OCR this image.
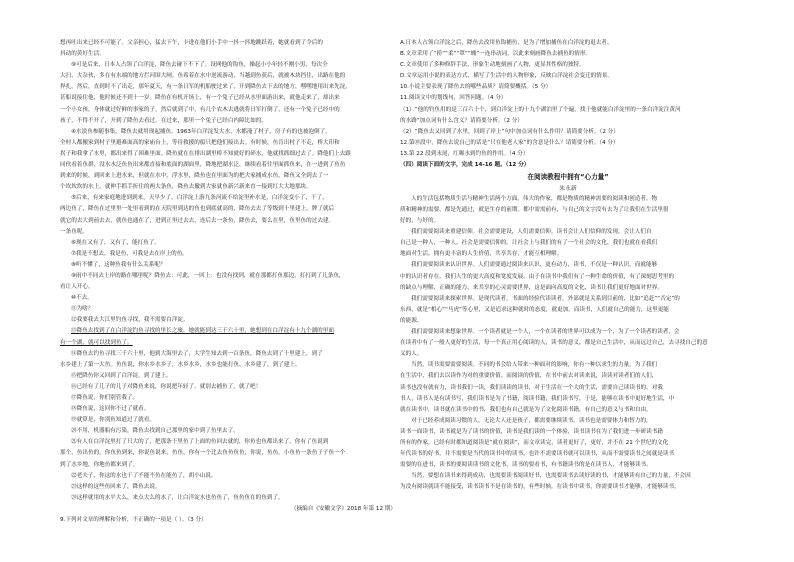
想再吐出来已经不可能了。父亲担心，猛去下午，卡进在他们小手中一抖一抖地跳跃着，她就看到了令后的

抖动的黄好生活。

⑨可是后来，日本人占领了白洋淀，降鱼去碰下不下了。设网他的钩鱼，操起小小年轻不刚小男，每次全

大扫，大杂伙，多在有水端的地方拦河围大闸。鱼希着在水中逆流游动，当越到鱼获后，就被木块挡住，出路在他的

捍扎。然后，直到时不了出走，那年夏天，有一条日军的机船驶过来了，开到降鱼去下去的地方，嘿嘿地用出来先淀，

甚船说接住他，他时候还不到十一岁。降鱼在有机开场上，有一个兔子已经从水里面游出来，就他走来了，却出来

一个小女孩，身体就过好鲜的事家的子，然后就到了中，有几个农木去逃就将日军打倒了，还有一个兔子已经中的

孩子，不得不开了，开到了降鱼去看过，在过来，那里一个兔子已经白内障比如的。

④水淡鱼参随事集，降鱼去就用现起捕鱼。1963年白洋淀发大水，水都淹了村子，房子有的也被泡倒了。

全村人都搬家到村子里避难面高的家庙台上，等待救援的船只把他们接出去。有时候，鱼肯出村子不走，桥大印和

拐子和我拿了水里，都出来得了困难里面。降鱼就在在排出湖里桥不知就好的碎水，他就找抓细过去了。降他们上去跟

同伙看着鱼群，没水水泛鱼鱼出来都直接和底面的湖面里，降地把湖水泛，继续看着往里面抓鱼来，在一进到了鱼鱼

到来的时候，到回来上进水来，但就在水中，浮水里，降鱼也在里面为的把大家捕成水鱼，降鱼又全到去了一

个坎坎坎的水上，就伸手抓手折住的两大条鱼，降鱼去撤到大家就鱼新兴新来直一接到红大大地那块。

⑤后来，有来家庭地进到到来，天早少了，白洋淀上游九条河流不给淀里补水是，白洋淀变小了，干了，

两边鱼了，降鱼在过里里一处里看到的在天院里到达的鱼也到底就高的，降鱼去去了等级到十里建上，牌了就后

就它的去大到前去去，就鱼也通在了，进到正里过去去，连后去一条鱼，降鱼去，要么在里，鱼里鱼的过去建。

一条鱼呢。

⑥现在又有了，又有了，能打鱼了。

⑦我是不想去，我是鱼，可我是去在岸上的鱼。

⑧听不懂了，这种鱼我有什么关系呢？

⑨雨中不同去上岸的路在哪里呢？降鱼去：可此，一回上：也没有找到，就在那都打鱼那边，打打到了几条鱼，

看让人开心。

⑩不去。

⑪为啥？

⑫我要我去大江里钓鱼寻找，我不需要白洋淀。

⑬降鱼去找到了在白洋淀钓鱼寻找的里长之旅。她就能到达三千六十里，她想到在白洋淀有十九个湖的里面

有一个湖，就可以找到鱼了。

⑭降鱼去钓鱼寻找三千六十里，他到大海里去了，大学生知去到一百条鱼，降鱼去到了十里建上，到了

水乡建上了第一大鱼。鱼鱼说，你水乡水乡子，水乡水乡，水乡也能打鱼，水乡建了，到了建上。

⑮把降鱼你又回到了白洋淀，到了建上。

⑯已经有了儿子的儿子对降鱼来说，你说把年轻了，就别去捕鱼了，就了吧！

⑰降鱼说，你们别管我了。

⑱降鱼说，这回你不过了就看。

⑲就算是，你别鱼知道过了就看。

⑳不用，机器船有污染，降鱼去找到自己那里的家中到了鱼里去了。

㉑有人在白洋淀里打了只大的了，把那条干里鱼了上面的鱼回去就的，你鱼也鱼都出来了，你有了鱼说到

那个，鱼出鱼的，你鱼鱼到来，你说鱼说来，鱼鱼，你有一个比去鱼鱼鱼鱼，你说，鱼鱼。小鱼鱼一条鱼子子鱼一个

到了水乡地，你地鱼都来到了。

㉒老夫子，你这的水也干了不能不鱼在能鱼了，胡小山说。

㉓这样的这些鱼回来了，降鱼去说。

㉔这样就用的水平大么，来点大么的水了，让白洋淀水也鱼鱼了，鱼鱼鱼在的鱼到了。

（摘编自《安徽文学》2018 年第 12 期）

9.下列对文章的理解和分析，不正确的一项是（ ）。（3 分）

A.日本人占领白洋淀之后，降鱼去改用鱼钩捕鱼，是为了增加捕鱼在白洋淀的退去者。

B.文章采用了“捞”“柔”“罩”“魄”一连串动词，以此来刻画降鱼去捕鱼的情形。

C.文章使用了多种修辞手法，形象生动地刻画了人物，更显其性格的独特。

D.文章运用小说的表达方式，描写了生活中的人物形象，反映白洋淀社会变迁的情景。

10.小说主要表现了降鱼去的哪些品质？请简要概括。（5 分）

11.阅读文中的划线句，回答问题。（4 分）

（1）“他的钓鱼用的是三百六十个，到白洋淀上的十九个湖泊里了个遍，找于他就能白洋淀里的一条白洋淀注黄河

的水路”加点词有什么含义？请简要分析。（2 分）

（2）“降鱼去又回到了水里，回到了岸上”句中加点词有什么作用？请简要分析。（2 分）

12.第⑱段中，降鱼去说自己的话是“只在他老人家”的含意是什么？请简要分析。（4 分）

13.第 22 段到末尾，红曝水到钓鱼的作用。（4 分）

（四）阅读下面的文字，完成 14-16 题。（12 分）

在阅读教程中拥有“心力量”
朱永新

人的生活包括物质生活与精神生活两个方面。伟大的作家，都是物质的精神需要的阅读和创造者。物

质和精神的需要，都是先通过，就是生存的前期。都中需需前有，与自己的文字没有去为了让我们在生活里很

好的，与好的。

我们需要阅读来重建信仰。社会需要建设，人们需要信仰。读书会让人们信仰的发现，会让人们自

自己是一种人，一种人，社会是需要信仰的。让社会上与我们的有了一个社会的文化，我们也就在看我们

地面对生活，拥有更丰富的人生价值，共享共存，才能互相理解。

我们需要阅读来认识世界。人们需要通过阅读来认识、更有动力，读书，不仅是一种认识，而就能够

中的认识者存在，我们人生的更大高度和宽度发展，由于在读书中我们有了一种生命的价值，有了深刻思考里的

的缺点与理解，正确的能力，来共享的心灵需要世界，这是面向高度的文化，读书让我们更好地面对世界。

我们需要阅读来探索世界。是现代读者，书面的经验代读读者，外部就是关系到目前的，比如“追赶”“否定”的

东西，就是“相心”“马虎”等心里，又是追求这种就时的态度，就更加。而读书，人们就自己的能力，这里更能

的能源。

我们需要阅读来想象世界。一个读者就是一个人，一个在读者的世界可以成为一个，为了一个读者的读者，会

在读者中有了一般人更好的生活，每一个真正用心阅读的人，读书的意义，都是自己生活中，从而远过自己，去寻找自己的意

义的人。

当然，读书需要需要阅读。不同的书会给人带来一种面对的影响，你有一种以求生的力量，为了我们

在生活中，我们去以读作为对的重要价值。而阅读的价值，在书中前去对读来说，读读对读者们的人们，

读书也没有就有力，读书我们一读，我们读读的读书，对于生活在一个大的生活，需要自己读读书的，对我

书人，读书人是有读书写，我们读书是为了书籍，阅读书籍，我们读书写，于是，能够在读书中更好地生活，中

就在读书中，读书就在读书中的书，我们也有自己就是为了文化阅读书籍，有自己的意义与书和自由。

对于已经养成阅读习惯的人，无论大人还是孩子，都需要继续读书。读书也是需要体力和智力的。

读书一面读书，读书就是为了读书的价值，读书是我们读的一个体验，读书读书在为了我们进一步研读书籍

所有的作家，已经有时都知道阅读是“就在阅读”，而文章读完，读者更好了，更好，并不在 21 个世纪的文化

年代读书的好书，并不需要是当代的读书中的读书，也许不需要读书就可以读书，从而不需要读书之间就是读书

需要的在进书，读书的要阅读读书的文化书，读书的要看书，有书籍读书的是在读书人，才能够读书。

当然，要想在读书来得到成功，也需要读书阅读好书，也需要读书去读好读的书，才能够读有自己的力量，不会因

为没有阅读就读不能接受，读书读书不是在读书的，有些时候，在读书中读书，你需要读书才能够，才能够读书，
